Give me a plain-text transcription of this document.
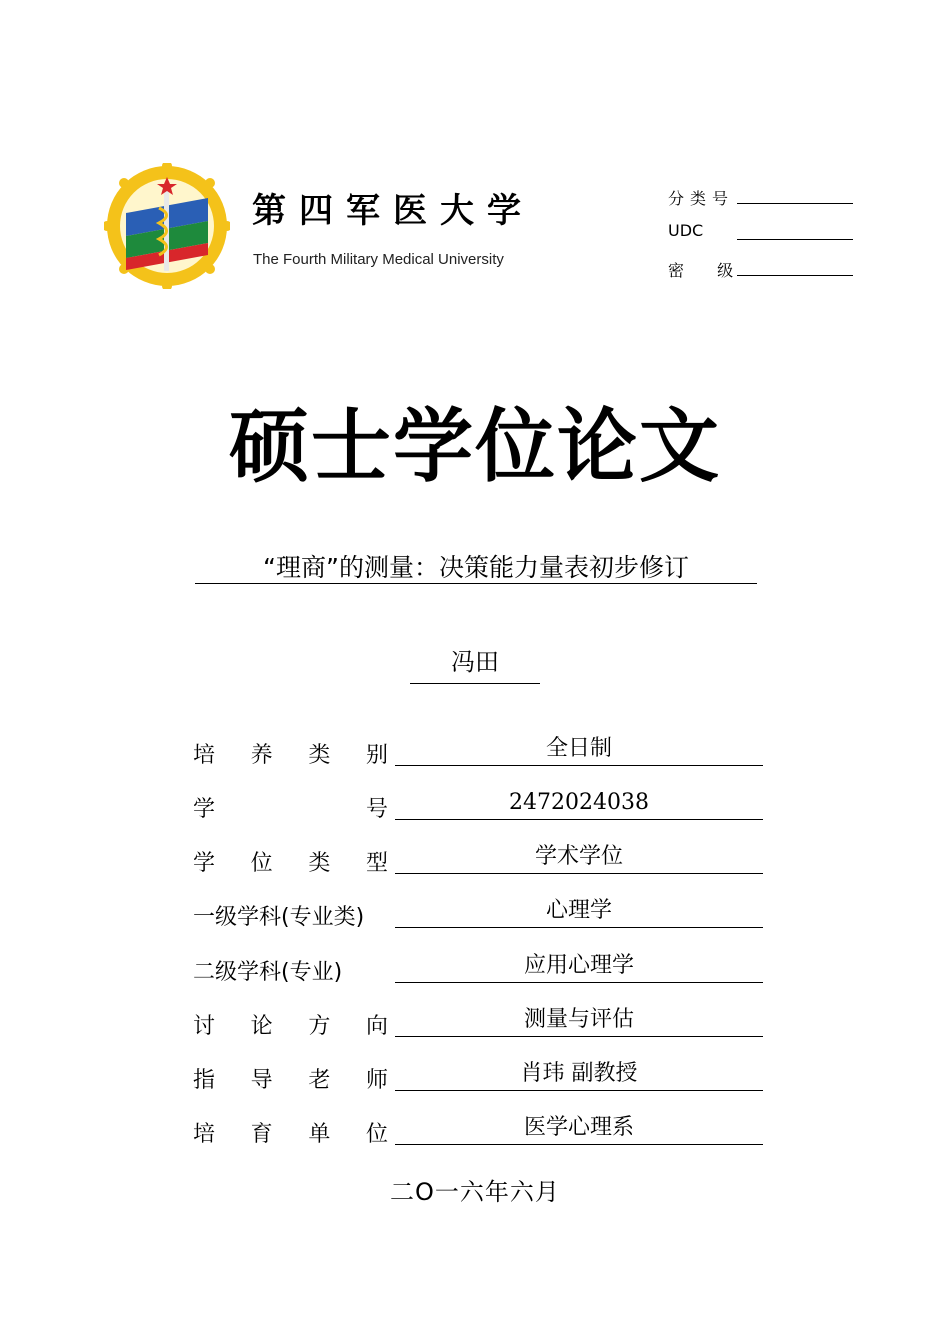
第四军医大学
The Fourth Military Medical University
分类号
UDC
密 级
硕士学位论文
“理商”的测量：决策能力量表初步修订
冯田
培 养 类 别	全日制
学	号	2472024038
学 位 类 型	学术学位
一级学科(专业类)	心理学
二级学科(专业)	应用心理学
讨 论 方 向	测量与评估
指 导 老 师	肖玮 副教授
培 育 单 位	医学心理系
二O一六年六月
